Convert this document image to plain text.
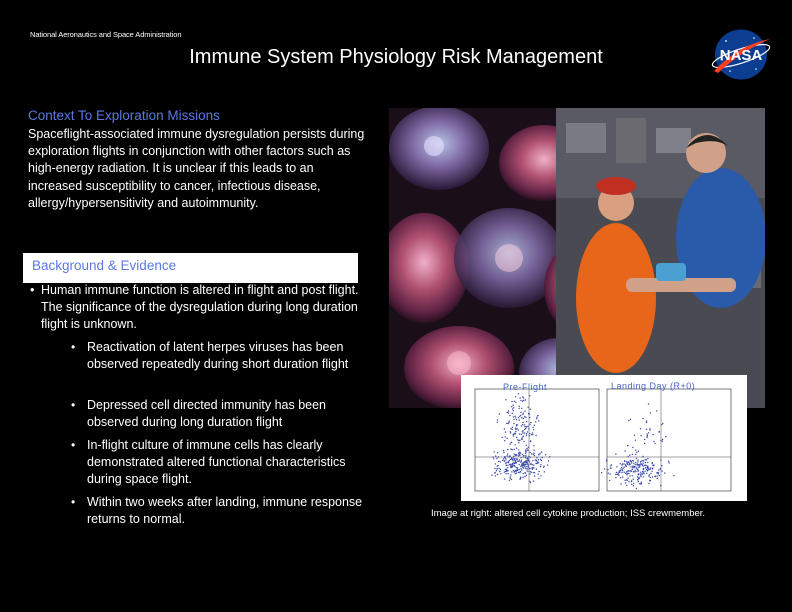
National Aeronautics and Space Administration
Immune System Physiology Risk Management	NASA
Context To Exploration Missions
Spaceflight-associated immune dysregulation persists during exploration flights in conjunction with other factors such as high-energy radiation. It is unclear if this leads to an increased susceptibility to cancer, infectious disease, allergy/hypersensitivity and autoimmunity.
Background & Evidence
• Human immune function is altered in flight and post flight. The significance of the dysregulation during long duration flight is unknown.
• Reactivation of latent herpes viruses has been observed repeatedly during short duration flight
• Depressed cell directed immunity has been observed during long duration flight
• In-flight culture of immune cells has clearly demonstrated altered functional characteristics during space flight.
• Within two weeks after landing, immune response returns to normal.
Pre-Flight	Landing Day (R+0)
Image at right: altered cell cytokine production; ISS crewmember.
